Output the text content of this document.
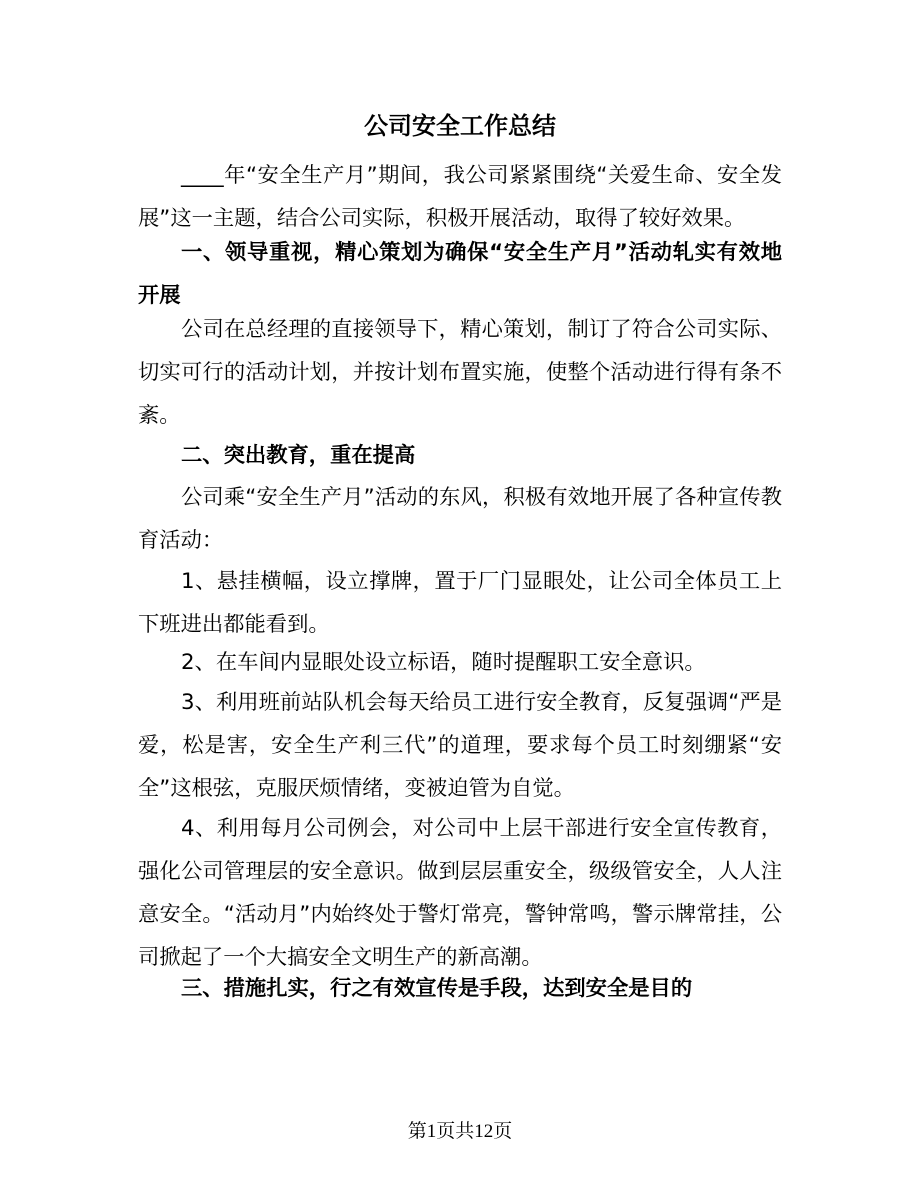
公司安全工作总结

____年“安全生产月”期间，我公司紧紧围绕“关爱生命、安全发展”这一主题，结合公司实际，积极开展活动，取得了较好效果。

一、领导重视，精心策划为确保“安全生产月”活动轧实有效地开展

公司在总经理的直接领导下，精心策划，制订了符合公司实际、切实可行的活动计划，并按计划布置实施，使整个活动进行得有条不紊。

二、突出教育，重在提高

公司乘“安全生产月”活动的东风，积极有效地开展了各种宣传教育活动：

1、悬挂横幅，设立撑牌，置于厂门显眼处，让公司全体员工上下班进出都能看到。

2、在车间内显眼处设立标语，随时提醒职工安全意识。

3、利用班前站队机会每天给员工进行安全教育，反复强调“严是爱，松是害，安全生产利三代”的道理，要求每个员工时刻绷紧“安全”这根弦，克服厌烦情绪，变被迫管为自觉。

4、利用每月公司例会，对公司中上层干部进行安全宣传教育，强化公司管理层的安全意识。做到层层重安全，级级管安全，人人注意安全。“活动月”内始终处于警灯常亮，警钟常鸣，警示牌常挂，公司掀起了一个大搞安全文明生产的新高潮。

三、措施扎实，行之有效宣传是手段，达到安全是目的

第1页共12页
